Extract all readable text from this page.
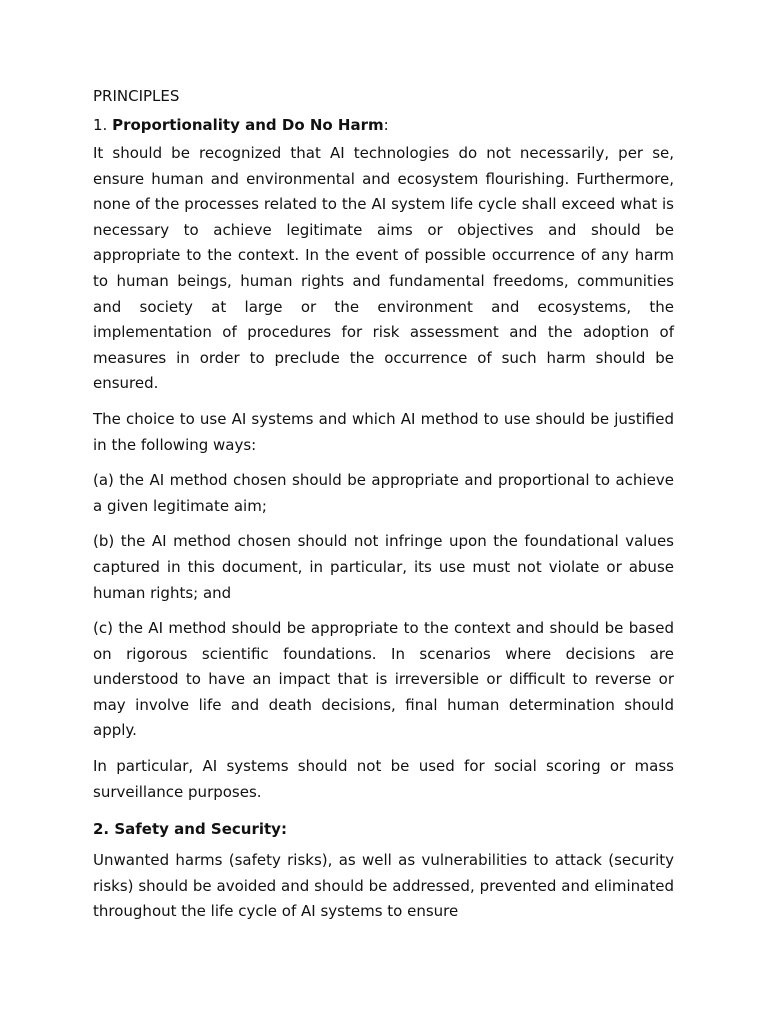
PRINCIPLES

1. Proportionality and Do No Harm:

It should be recognized that AI technologies do not necessarily, per se, ensure human and environmental and ecosystem flourishing. Furthermore, none of the processes related to the AI system life cycle shall exceed what is necessary to achieve legitimate aims or objectives and should be appropriate to the context. In the event of possible occurrence of any harm to human beings, human rights and fundamental freedoms, communities and society at large or the environment and ecosystems, the implementation of procedures for risk assessment and the adoption of measures in order to preclude the occurrence of such harm should be ensured.

The choice to use AI systems and which AI method to use should be justified in the following ways:

(a) the AI method chosen should be appropriate and proportional to achieve a given legitimate aim;

(b) the AI method chosen should not infringe upon the foundational values captured in this document, in particular, its use must not violate or abuse human rights; and

(c) the AI method should be appropriate to the context and should be based on rigorous scientific foundations. In scenarios where decisions are understood to have an impact that is irreversible or difficult to reverse or may involve life and death decisions, final human determination should apply.

In particular, AI systems should not be used for social scoring or mass surveillance purposes.

2. Safety and Security:

Unwanted harms (safety risks), as well as vulnerabilities to attack (security risks) should be avoided and should be addressed, prevented and eliminated throughout the life cycle of AI systems to ensure
